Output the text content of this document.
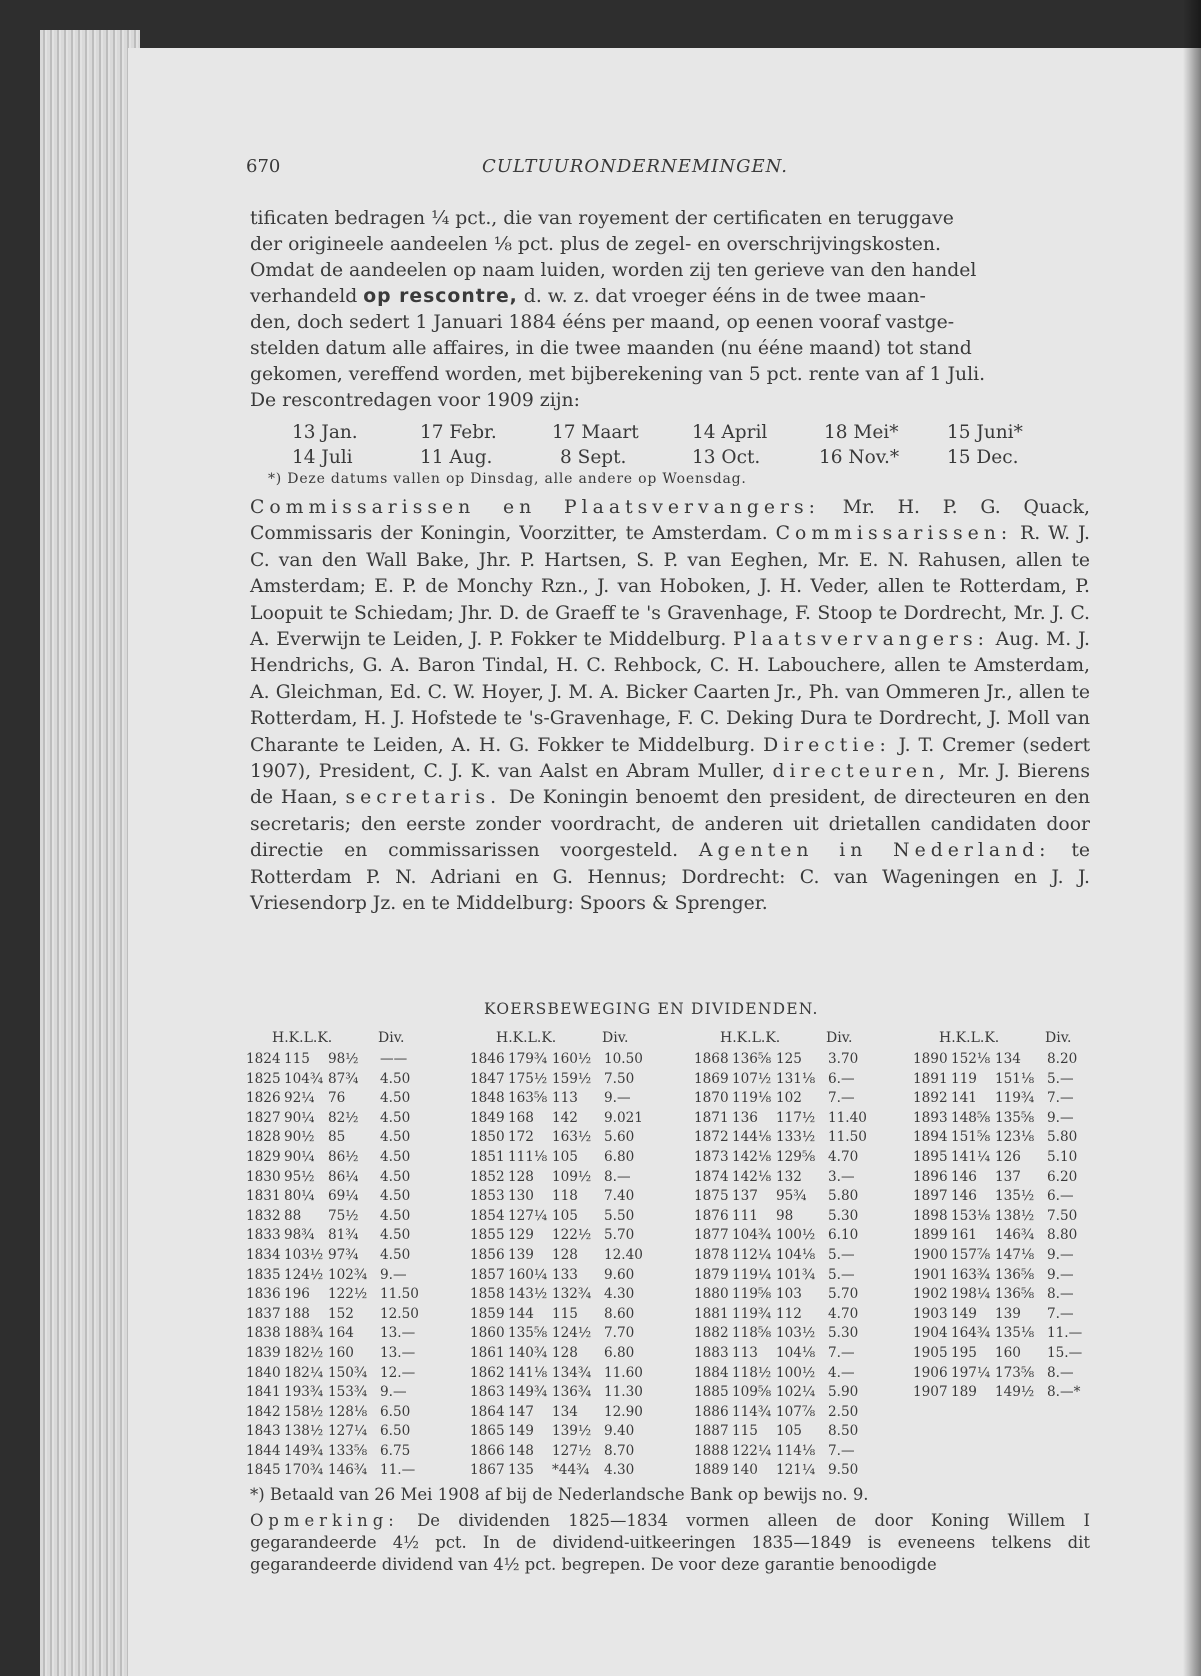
670	CULTUURONDERNEMINGEN.

tificaten bedragen ¼ pct., die van royement der certificaten en teruggave

der origineele aandeelen ⅛ pct. plus de zegel- en overschrijvingskosten.

Omdat de aandeelen op naam luiden, worden zij ten gerieve van den handel

verhandeld op rescontre, d. w. z. dat vroeger ééns in de twee maan-

den, doch sedert 1 Januari 1884 ééns per maand, op eenen vooraf vastge-

stelden datum alle affaires, in die twee maanden (nu ééne maand) tot stand

gekomen, vereffend worden, met bijberekening van 5 pct. rente van af 1 Juli.

De rescontredagen voor 1909 zijn:

13 Jan.	17 Febr.	17 Maart	14 April	18 Mei*	15 Juni*
14 Juli	11 Aug.	8 Sept.	13 Oct.	16 Nov.*	15 Dec.
*) Deze datums vallen op Dinsdag, alle andere op Woensdag.

Commissarissen en Plaatsvervangers: Mr. H. P. G. Quack, Commissaris der Koningin, Voorzitter, te Amsterdam. Commissarissen: R. W. J. C. van den Wall Bake, Jhr. P. Hartsen, S. P. van Eeghen, Mr. E. N. Rahusen, allen te Amsterdam; E. P. de Monchy Rzn., J. van Hoboken, J. H. Veder, allen te Rotterdam, P. Loopuit te Schiedam; Jhr. D. de Graeff te 's Gravenhage, F. Stoop te Dordrecht, Mr. J. C. A. Everwijn te Leiden, J. P. Fokker te Middelburg. Plaatsvervangers: Aug. M. J. Hendrichs, G. A. Baron Tindal, H. C. Rehbock, C. H. Labouchere, allen te Amsterdam, A. Gleichman, Ed. C. W. Hoyer, J. M. A. Bicker Caarten Jr., Ph. van Ommeren Jr., allen te Rotterdam, H. J. Hofstede te 's-Gravenhage, F. C. Deking Dura te Dordrecht, J. Moll van Charante te Leiden, A. H. G. Fokker te Middelburg. Directie: J. T. Cremer (sedert 1907), President, C. J. K. van Aalst en Abram Muller, directeuren, Mr. J. Bierens de Haan, secretaris. De Koningin benoemt den president, de directeuren en den secretaris; den eerste zonder voordracht, de anderen uit drietallen candidaten door directie en commissarissen voorgesteld. Agenten in Nederland: te Rotterdam P. N. Adriani en G. Hennus; Dordrecht: C. van Wageningen en J. J. Vriesendorp Jz. en te Middelburg: Spoors & Sprenger.

KOERSBEWEGING EN DIVIDENDEN.
H.K.L.K.	Div.
1824 115 98½ ——
1825 104¾ 87¾ 4.50
1826 92¼ 76	4.50
1827 90¼ 82½ 4.50
1828 90½ 85	4.50
1829 90¼ 86½ 4.50
1830 95½ 86¼ 4.50
1831 80¼ 69¼ 4.50
1832 88 75½ 4.50
1833 98¾ 81¾ 4.50
1834 103½ 97¾ 4.50
1835 124½ 102¾ 9.—
1836 196 122½ 11.50
1837 188 152 12.50
1838 188¾ 164 13.—
1839 182½ 160 13.—
1840 182¼ 150¾ 12.—
1841 193¾ 153¾ 9.—
1842 158½ 128⅛ 6.50
1843 138½ 127¼ 6.50
1844 149¾ 133⅝ 6.75
1845 170¾ 146¾ 11.—
H.K.L.K.	Div.
1846 179¾ 160½ 10.50
1847 175½ 159½ 7.50
1848 163⅝ 113 9.—
1849 168 142 9.021
1850 172 163½ 5.60
1851 111⅛ 105 6.80
1852 128 109½ 8.—
1853 130 118 7.40
1854 127¼ 105 5.50
1855 129 122½ 5.70
1856 139 128 12.40
1857 160¼ 133 9.60
1858 143½ 132¾ 4.30
1859 144 115 8.60
1860 135⅝ 124½ 7.70
1861 140¾ 128 6.80
1862 141⅛ 134¾ 11.60
1863 149¾ 136¾ 11.30
1864 147 134 12.90
1865 149 139½ 9.40
1866 148 127½ 8.70
1867 135 *44¾ 4.30
H.K.L.K.	Div.
1868 136⅝ 125 3.70
1869 107½ 131⅛ 6.—
1870 119⅛ 102 7.—
1871 136 117½ 11.40
1872 144⅛ 133½ 11.50
1873 142⅛ 129⅝ 4.70
1874 142⅛ 132 3.—
1875 137 95¾ 5.80
1876 111 98	5.30
1877 104¾ 100½ 6.10
1878 112¼ 104⅛ 5.—
1879 119¼ 101¾ 5.—
1880 119⅝ 103 5.70
1881 119¾ 112 4.70
1882 118⅝ 103½ 5.30
1883 113 104⅛ 7.—
1884 118½ 100½ 4.—
1885 109⅝ 102¼ 5.90
1886 114¾ 107⅞ 2.50
1887 115 105 8.50
1888 122¼ 114⅛ 7.—
1889 140 121¼ 9.50
H.K.L.K.	Div.
1890 152⅛ 134 8.20
1891 119 151⅛ 5.—
1892 141 119¾ 7.—
1893 148⅝ 135⅝ 9.—
1894 151⅝ 123⅛ 5.80
1895 141¼ 126 5.10
1896 146 137 6.20
1897 146 135½ 6.—
1898 153⅛ 138½ 7.50
1899 161 146¾ 8.80
1900 157⅞ 147⅛ 9.—
1901 163¾ 136⅝ 9.—
1902 198¼ 136⅝ 8.—
1903 149 139 7.—
1904 164¾ 135⅛ 11.—
1905 195 160 15.—
1906 197¼ 173⅝ 8.—
1907 189 149½ 8.—*
*) Betaald van 26 Mei 1908 af bij de Nederlandsche Bank op bewijs no. 9.

Opmerking: De dividenden 1825—1834 vormen alleen de door Koning Willem I gegarandeerde 4½ pct. In de dividend-uitkeeringen 1835—1849 is eveneens telkens dit gegarandeerde dividend van 4½ pct. begrepen. De voor deze garantie benoodigde
